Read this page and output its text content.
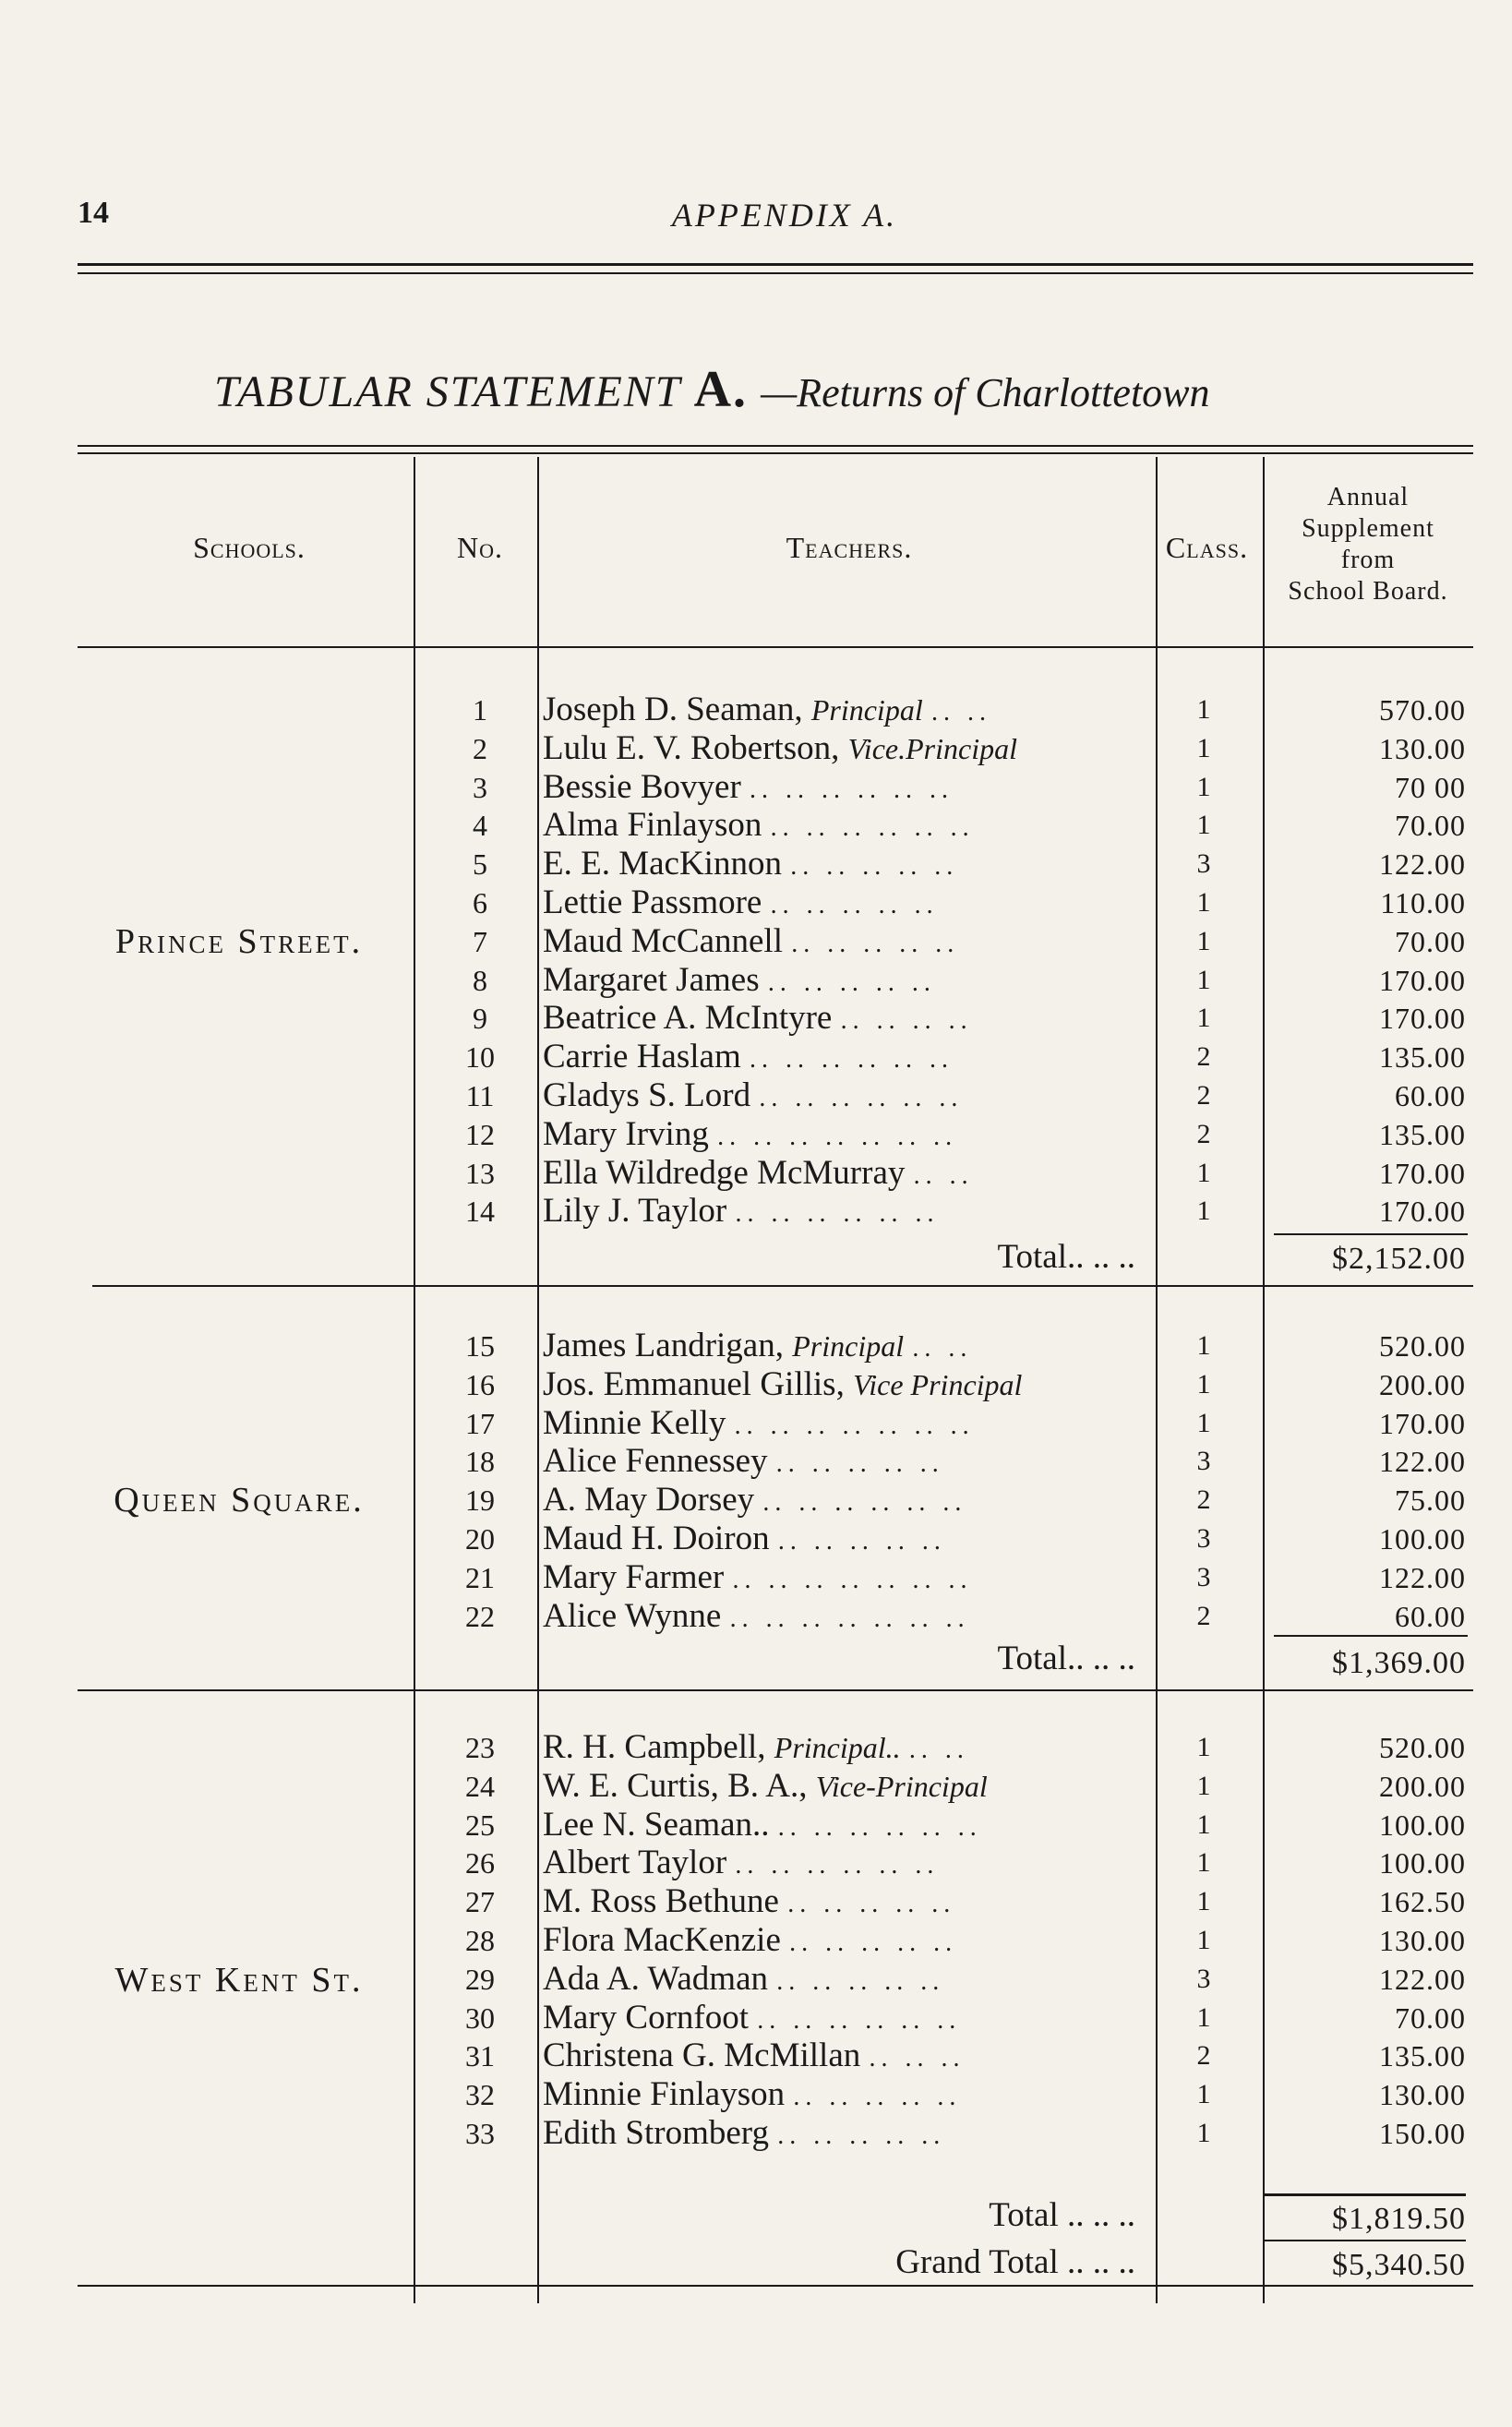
14	APPENDIX A.
TABULAR STATEMENT A. —Returns of Charlottetown
Schools.	No.	Teachers.	Class.
Annual
Supplement
from
School Board.
Prince Street.
1	Joseph D. Seaman, Principal .. ..	1	570.00
2	Lulu E. V. Robertson, Vice.Principal	1	130.00
3	Bessie Bovyer .. .. .. .. .. ..	1	70 00
4	Alma Finlayson .. .. .. .. .. ..	1	70.00
5	E. E. MacKinnon .. .. .. .. ..	3	122.00
6	Lettie Passmore .. .. .. .. ..	1	110.00
7	Maud McCannell .. .. .. .. ..	1	70.00
8	Margaret James .. .. .. .. ..	1	170.00
9	Beatrice A. McIntyre .. .. .. ..	1	170.00
10	Carrie Haslam .. .. .. .. .. ..	2	135.00
11	Gladys S. Lord .. .. .. .. .. ..	2	60.00
12	Mary Irving .. .. .. .. .. .. ..	2	135.00
13	Ella Wildredge McMurray .. ..	1	170.00
14	Lily J. Taylor .. .. .. .. .. ..	1	170.00
Total.. .. ..	$2,152.00
Queen Square.
15	James Landrigan, Principal .. ..	1	520.00
16	Jos. Emmanuel Gillis, Vice Principal	1	200.00
17	Minnie Kelly .. .. .. .. .. .. ..	1	170.00
18	Alice Fennessey .. .. .. .. ..	3	122.00
19	A. May Dorsey .. .. .. .. .. ..	2	75.00
20	Maud H. Doiron .. .. .. .. ..	3	100.00
21	Mary Farmer .. .. .. .. .. .. ..	3	122.00
22	Alice Wynne .. .. .. .. .. .. ..	2	60.00
Total.. .. ..	$1,369.00
West Kent St.
23	R. H. Campbell, Principal.. .. ..	1	520.00
24	W. E. Curtis, B. A., Vice-Principal	1	200.00
25	Lee N. Seaman.. .. .. .. .. .. ..	1	100.00
26	Albert Taylor .. .. .. .. .. ..	1	100.00
27	M. Ross Bethune .. .. .. .. ..	1	162.50
28	Flora MacKenzie .. .. .. .. ..	1	130.00
29	Ada A. Wadman .. .. .. .. ..	3	122.00
30	Mary Cornfoot .. .. .. .. .. ..	1	70.00
31	Christena G. McMillan .. .. ..	2	135.00
32	Minnie Finlayson .. .. .. .. ..	1	130.00
33	Edith Stromberg .. .. .. .. ..	1	150.00
Total .. .. ..	$1,819.50
Grand Total .. .. ..	$5,340.50
